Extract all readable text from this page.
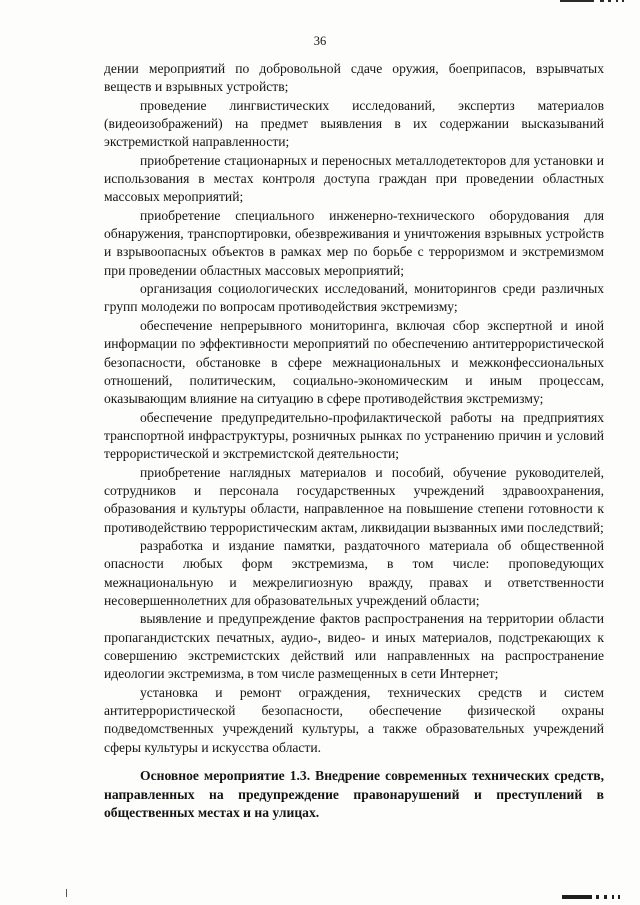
36

дении мероприятий по добровольной сдаче оружия, боеприпасов, взрывчатых веществ и взрывных устройств;

проведение лингвистических исследований, экспертиз материалов (видеоизображений) на предмет выявления в их содержании высказываний экстремисткой направленности;

приобретение стационарных и переносных металлодетекторов для установки и использования в местах контроля доступа граждан при проведении областных массовых мероприятий;

приобретение специального инженерно-технического оборудования для обнаружения, транспортировки, обезвреживания и уничтожения взрывных устройств и взрывоопасных объектов в рамках мер по борьбе с терроризмом и экстремизмом при проведении областных массовых мероприятий;

организация социологических исследований, мониторингов среди различных групп молодежи по вопросам противодействия экстремизму;

обеспечение непрерывного мониторинга, включая сбор экспертной и иной информации по эффективности мероприятий по обеспечению антитеррористической безопасности, обстановке в сфере межнациональных и межконфессиональных отношений, политическим, социально-экономическим и иным процессам, оказывающим влияние на ситуацию в сфере противодействия экстремизму;

обеспечение предупредительно-профилактической работы на предприятиях транспортной инфраструктуры, розничных рынках по устранению причин и условий террористической и экстремистской деятельности;

приобретение наглядных материалов и пособий, обучение руководителей, сотрудников и персонала государственных учреждений здравоохранения, образования и культуры области, направленное на повышение степени готовности к противодействию террористическим актам, ликвидации вызванных ими последствий;

разработка и издание памятки, раздаточного материала об общественной опасности любых форм экстремизма, в том числе: проповедующих межнациональную и межрелигиозную вражду, правах и ответственности несовершеннолетних для образовательных учреждений области;

выявление и предупреждение фактов распространения на территории области пропагандистских печатных, аудио-, видео- и иных материалов, подстрекающих к совершению экстремистских действий или направленных на распространение идеологии экстремизма, в том числе размещенных в сети Интернет;

установка и ремонт ограждения, технических средств и систем антитеррористической безопасности, обеспечение физической охраны подведомственных учреждений культуры, а также образовательных учреждений сферы культуры и искусства области.

Основное мероприятие 1.3. Внедрение современных технических средств, направленных на предупреждение правонарушений и преступлений в общественных местах и на улицах.
